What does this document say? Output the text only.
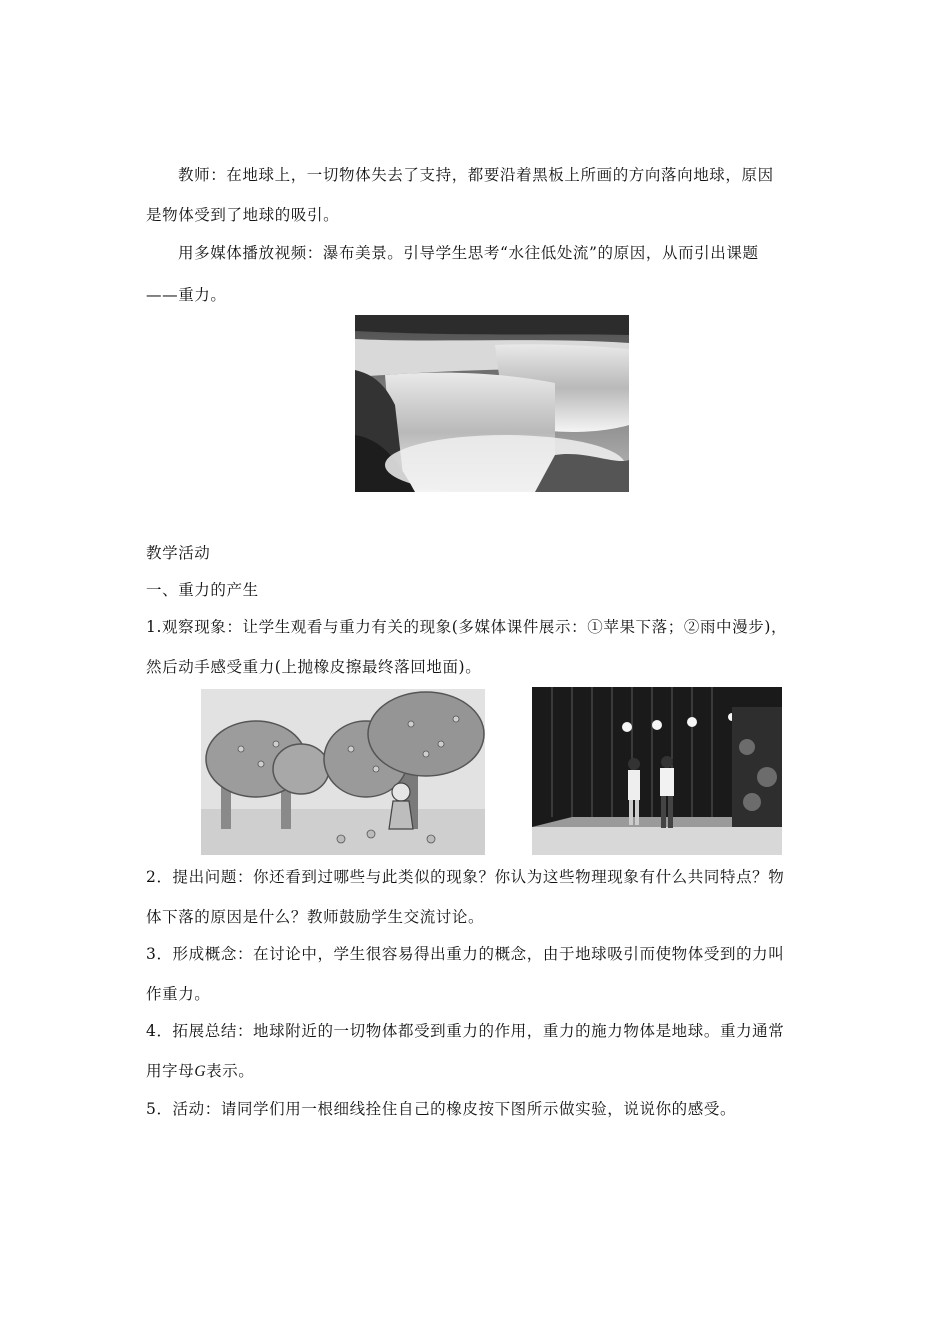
教师：在地球上，一切物体失去了支持，都要沿着黑板上所画的方向落向地球，原因
是物体受到了地球的吸引。
用多媒体播放视频：瀑布美景。引导学生思考“水往低处流”的原因，从而引出课题
——重力。
教学活动
一、重力的产生
1.观察现象：让学生观看与重力有关的现象(多媒体课件展示：①苹果下落；②雨中漫步)，
然后动手感受重力(上抛橡皮擦最终落回地面)。
2．提出问题：你还看到过哪些与此类似的现象？你认为这些物理现象有什么共同特点？物
体下落的原因是什么？教师鼓励学生交流讨论。
3．形成概念：在讨论中，学生很容易得出重力的概念，由于地球吸引而使物体受到的力叫
作重力。
4．拓展总结：地球附近的一切物体都受到重力的作用，重力的施力物体是地球。重力通常
用字母G表示。
5．活动：请同学们用一根细线拴住自己的橡皮按下图所示做实验，说说你的感受。
